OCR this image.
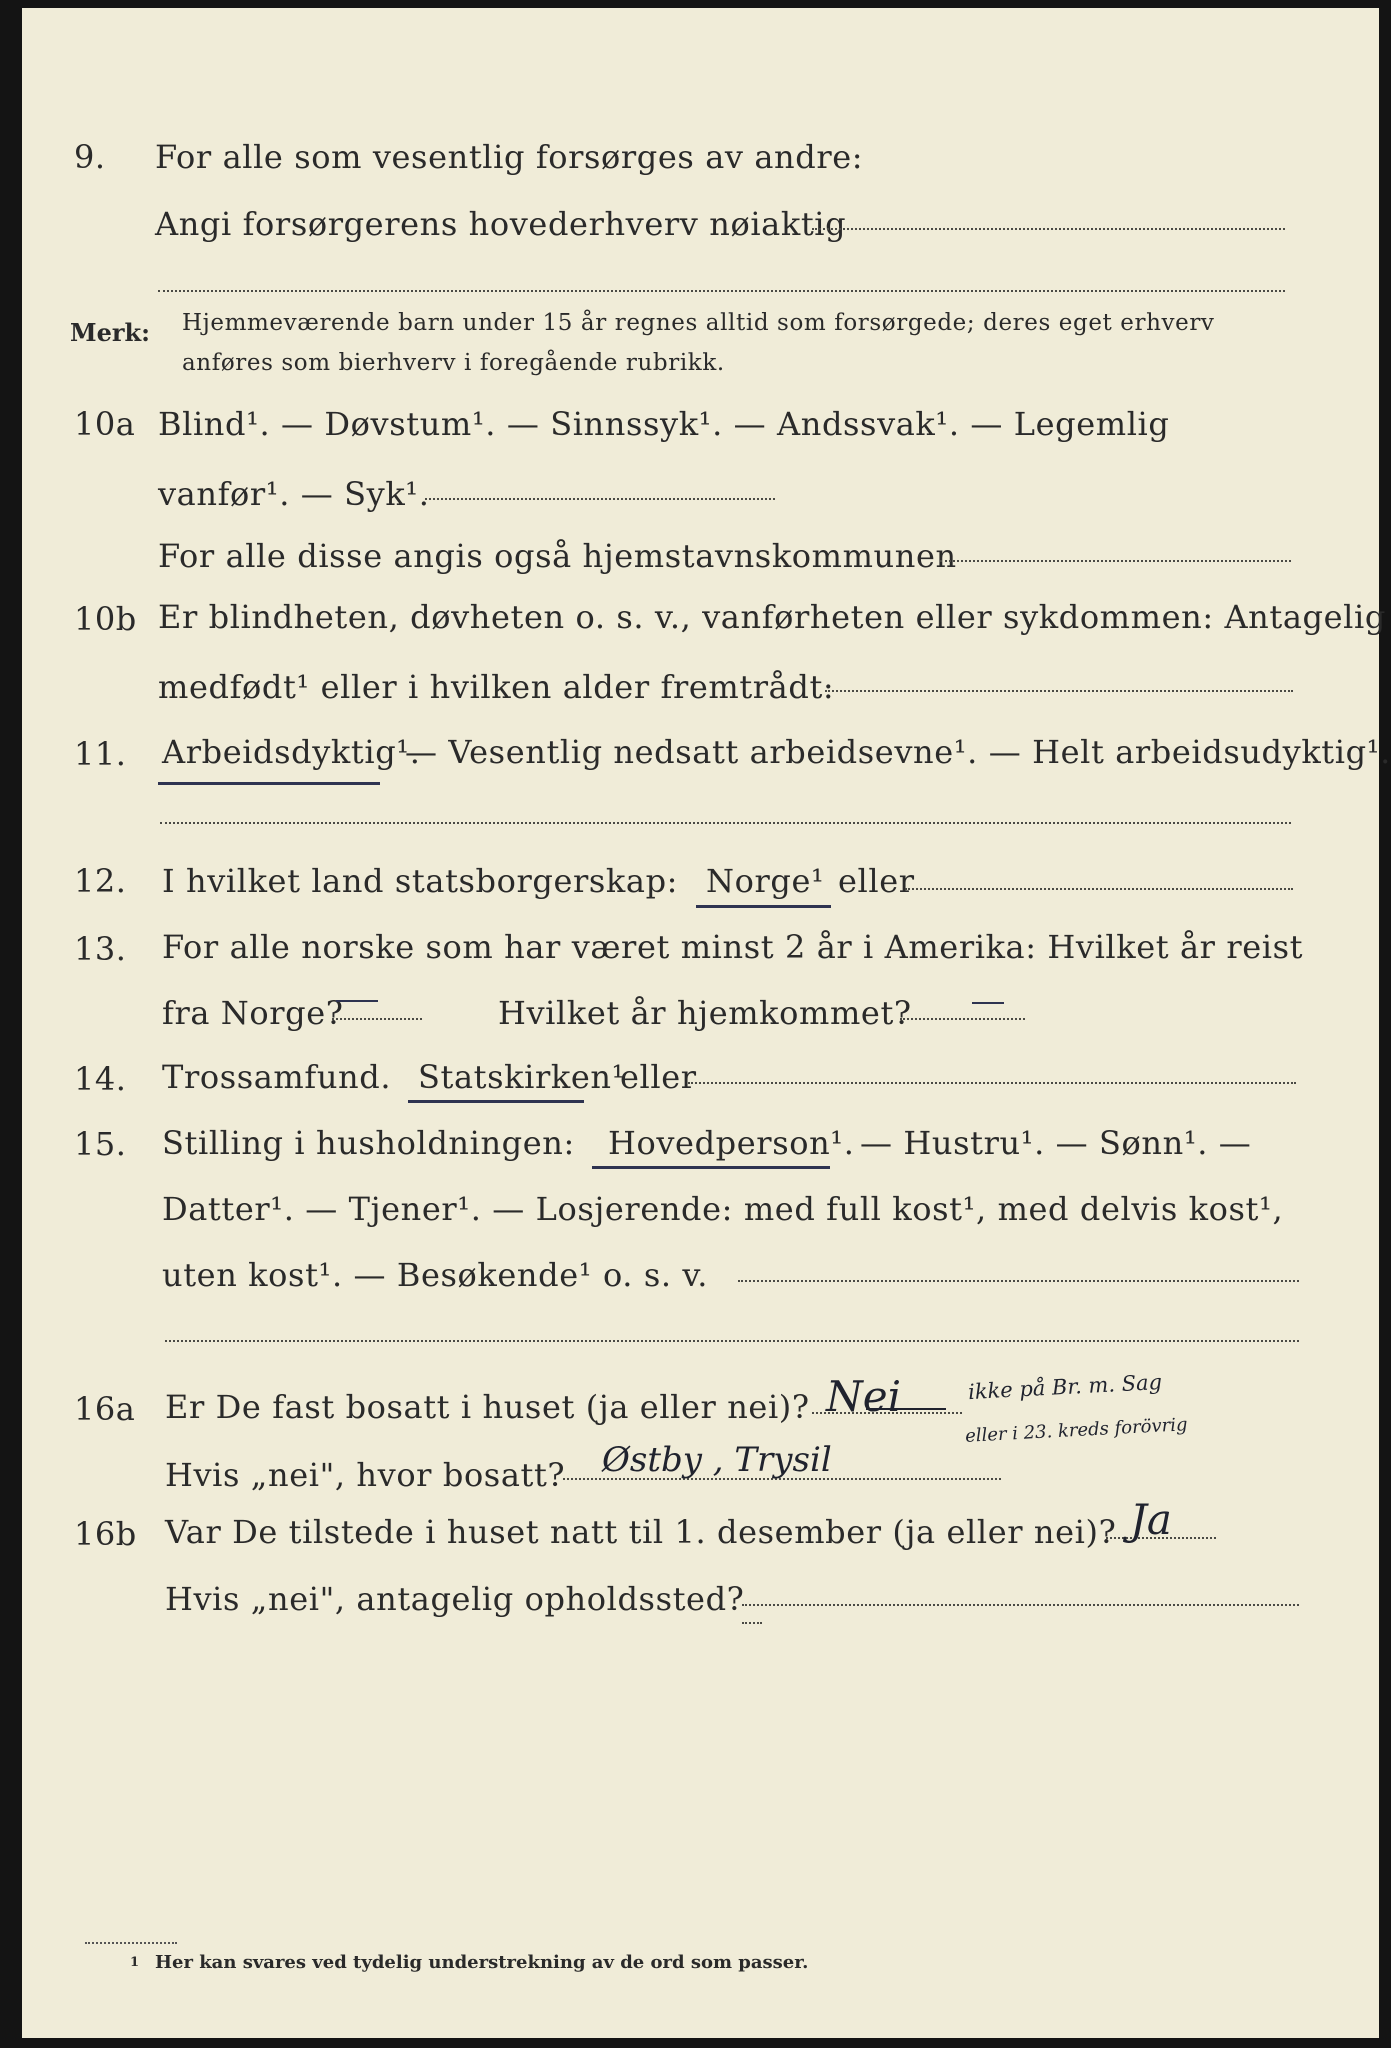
9. For alle som vesentlig forsørges av andre:
Angi forsørgerens hovederhverv nøiaktig
Merk: Hjemmeværende barn under 15 år regnes alltid som forsørgede; deres eget erhverv
anføres som bierhverv i foregående rubrikk.
10a Blind¹. — Døvstum¹. — Sinnssyk¹. — Andssvak¹. — Legemlig
vanfør¹. — Syk¹.
For alle disse angis også hjemstavnskommunen
10b Er blindheten, døvheten o. s. v., vanførheten eller sykdommen: Antagelig
medfødt¹ eller i hvilken alder fremtrådt:
11. Arbeidsdyktig¹.
— Vesentlig nedsatt arbeidsevne¹. — Helt arbeidsudyktig¹.
12. I hvilket land statsborgerskap: Norge¹ eller
13. For alle norske som har været minst 2 år i Amerika: Hvilket år reist
fra Norge?	Hvilket år hjemkommet?
14. Trossamfund. Statskirken¹
eller
15. Stilling i husholdningen: Hovedperson¹. — Hustru¹. — Sønn¹. —
Datter¹. — Tjener¹. — Losjerende: med full kost¹, med delvis kost¹,
uten kost¹. — Besøkende¹ o. s. v.
16a Er De fast bosatt i huset (ja eller nei)? Nei	ikke på Br. m. Sag
eller i 23. kreds forövrig
Hvis „nei", hvor bosatt? Østby , Trysil
16b Var De tilstede i huset natt til 1. desember (ja eller nei)? Ja
Hvis „nei", antagelig opholdssted?
1 Her kan svares ved tydelig understrekning av de ord som passer.
